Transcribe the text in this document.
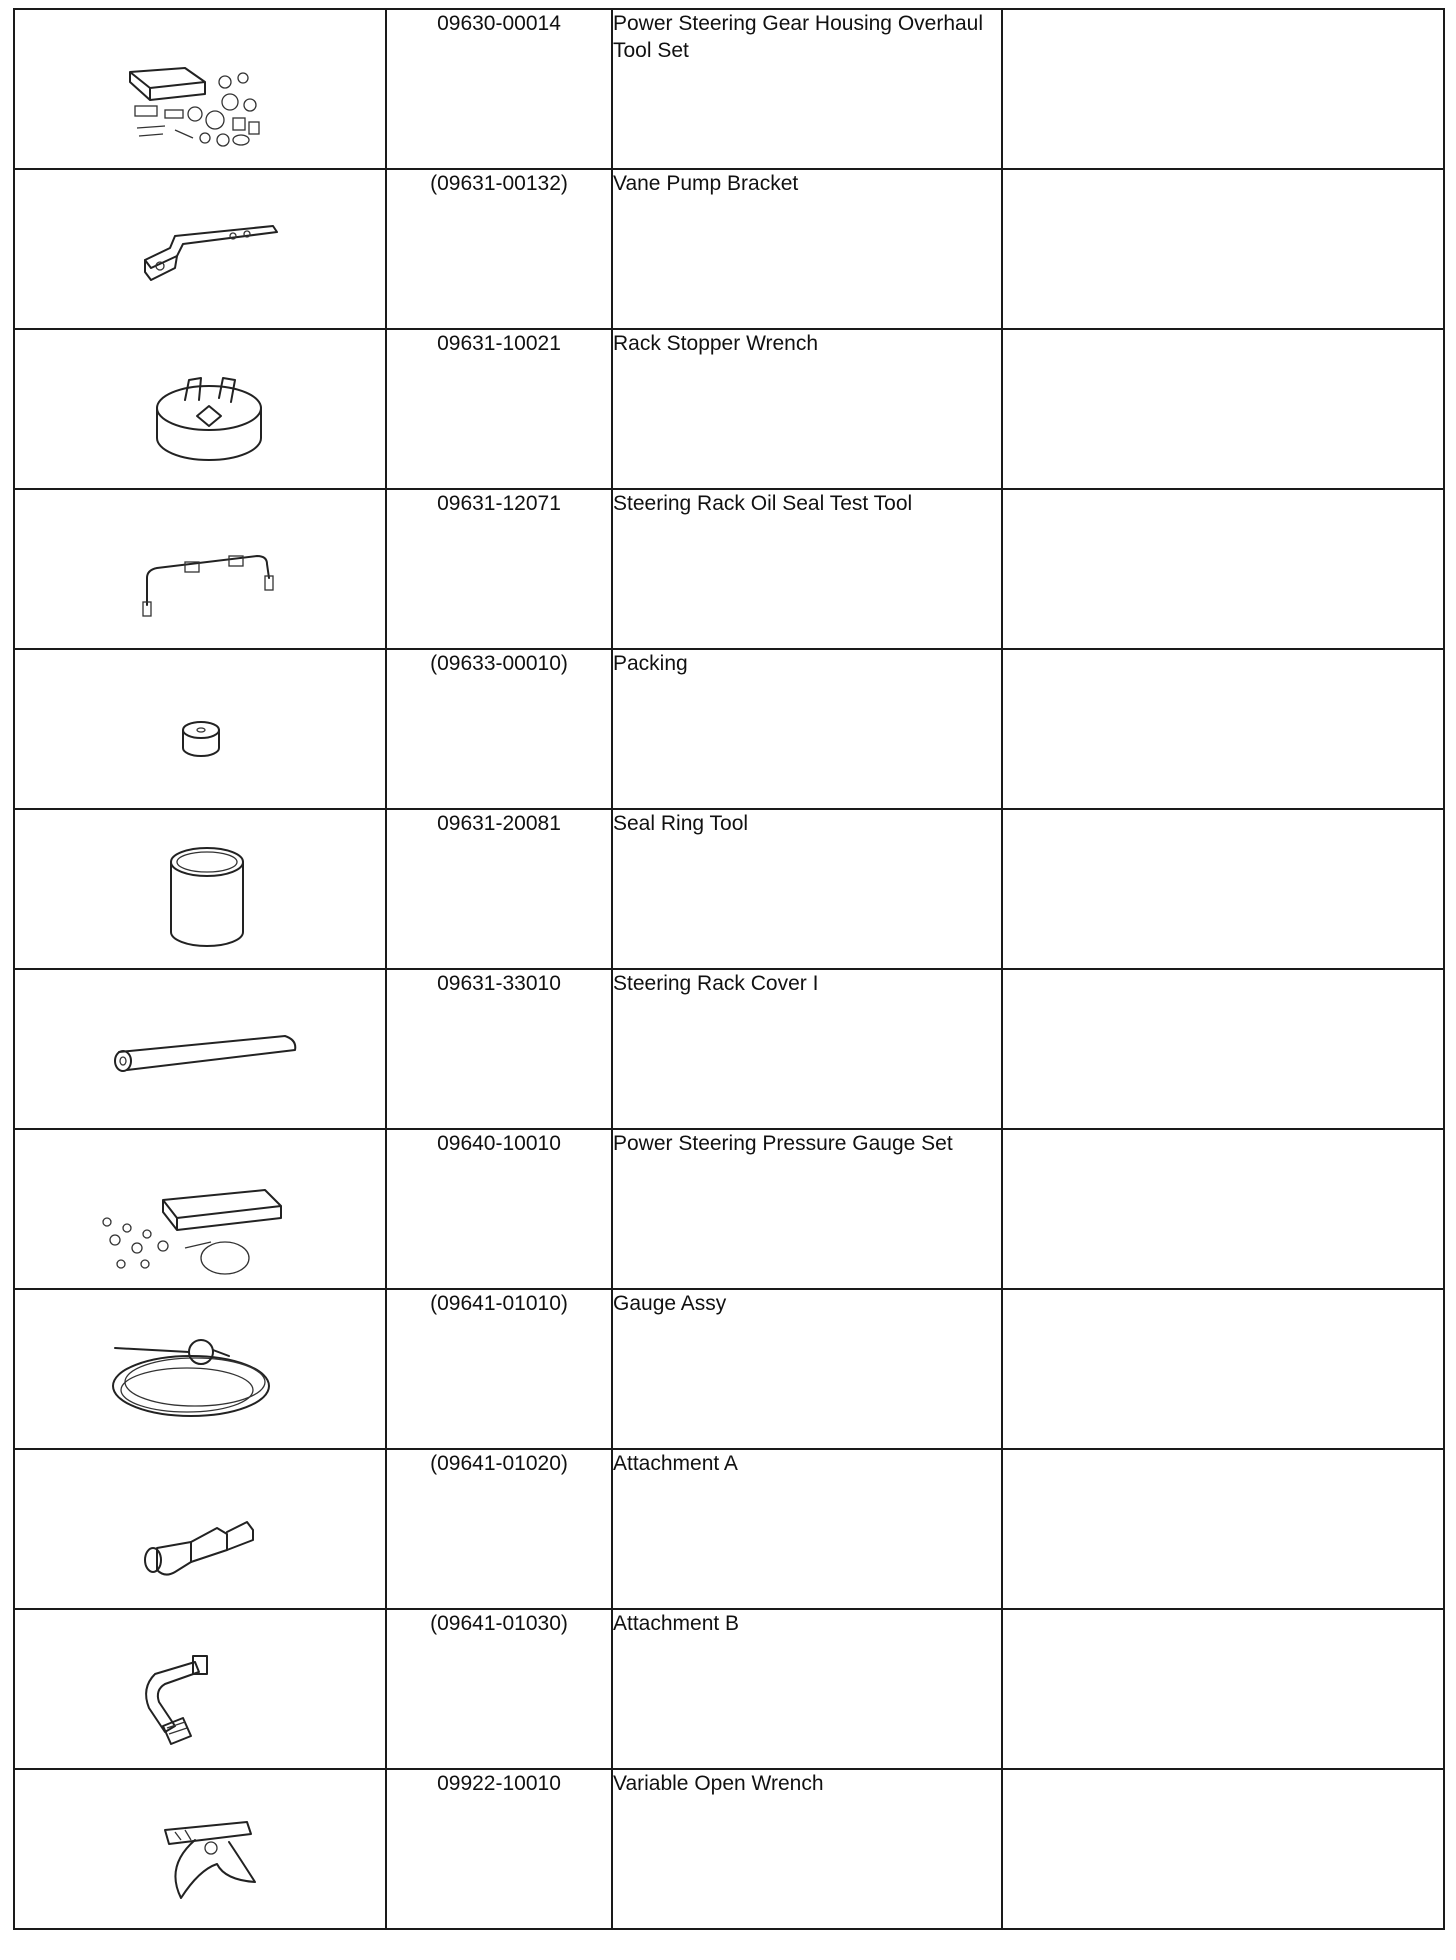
	09630-00014	Power Steering Gear Housing Overhaul Tool Set	

	(09631-00132)	Vane Pump Bracket	

	09631-10021	Rack Stopper Wrench	

	09631-12071	Steering Rack Oil Seal Test Tool	

	(09633-00010)	Packing	

	09631-20081	Seal Ring Tool	

	09631-33010	Steering Rack Cover I	

	09640-10010	Power Steering Pressure Gauge Set	

	(09641-01010)	Gauge Assy	

	(09641-01020)	Attachment A	

	(09641-01030)	Attachment B	

	09922-10010	Variable Open Wrench	
